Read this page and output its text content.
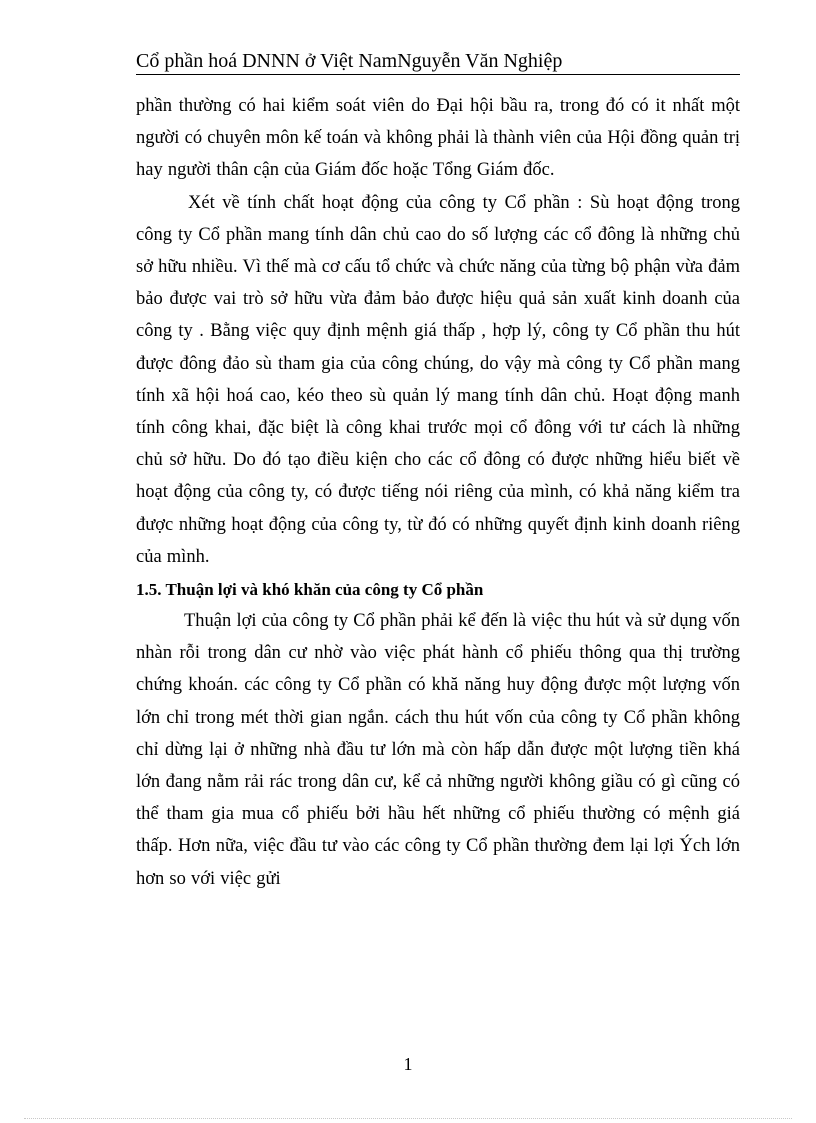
Cổ phần hoá DNNN ở Việt NamNguyễn Văn Nghiệp

phần thường có hai kiểm soát viên do Đại hội bầu ra, trong đó có it nhất một người có chuyên môn kế toán và không phải là thành viên của Hội đồng quản trị hay người thân cận của Giám đốc hoặc Tổng Giám đốc.

Xét về tính chất hoạt động của công ty Cổ phần : Sù hoạt động trong công ty Cổ phần mang tính dân chủ cao do số lượng các cổ đông là những chủ sở hữu nhiều. Vì thế mà cơ cấu tổ chức và chức năng của từng bộ phận vừa đảm bảo được vai trò sở hữu vừa đảm bảo được hiệu quả sản xuất kinh doanh của công ty . Bằng việc quy định mệnh giá thấp , hợp lý, công ty Cổ phần thu hút được đông đảo sù tham gia của công chúng, do vậy mà công ty Cổ phần mang tính xã hội hoá cao, kéo theo sù quản lý mang tính dân chủ. Hoạt động manh tính công khai, đặc biệt là công khai trước mọi cổ đông với tư cách là những chủ sở hữu. Do đó tạo điều kiện cho các cổ đông có được những hiểu biết về hoạt động của công ty, có được tiếng nói riêng của mình, có khả năng kiểm tra được những hoạt động của công ty, từ đó có những quyết định kinh doanh riêng của mình.

1.5. Thuận lợi và khó khăn của công ty Cổ phần

Thuận lợi của công ty Cổ phần phải kể đến là việc thu hút và sử dụng vốn nhàn rỗi trong dân cư nhờ vào việc phát hành cổ phiếu thông qua thị trường chứng khoán. các công ty Cổ phần có khă năng huy động được một lượng vốn lớn chỉ trong mét thời gian ngắn. cách thu hút vốn của công ty Cổ phần không chỉ dừng lại ở những nhà đầu tư lớn mà còn hấp dẫn được một lượng tiền khá lớn đang nằm rải rác trong dân cư, kể cả những người không giầu có gì cũng có thể tham gia mua cổ phiếu bởi hầu hết những cổ phiếu thường có mệnh giá thấp. Hơn nữa, việc đầu tư vào các công ty Cổ phần thường đem lại lợi Ých lớn hơn so với việc gửi

1
